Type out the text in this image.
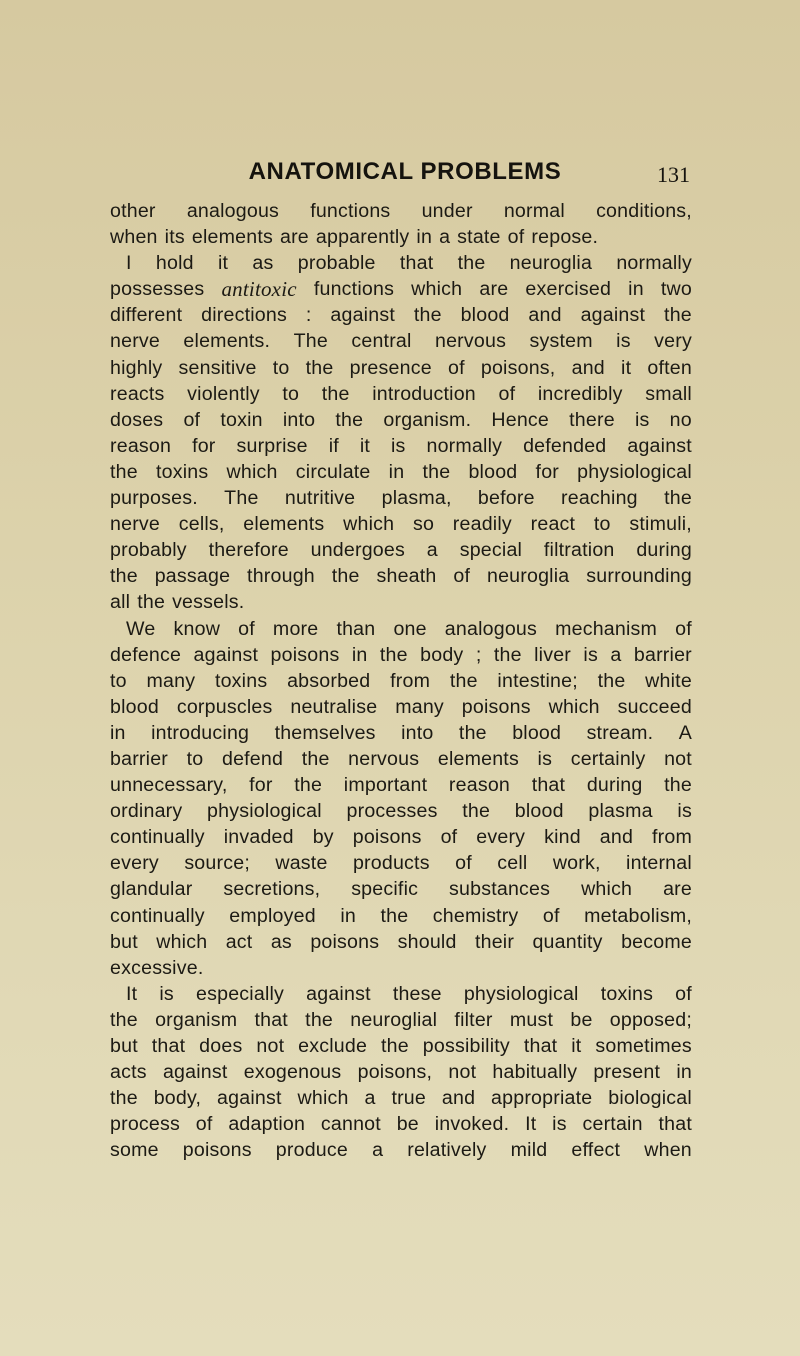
ANATOMICAL PROBLEMS	131
other analogous functions under normal conditions,
when its elements are apparently in a state of repose.
I hold it as probable that the neuroglia normally
possesses antitoxic functions which are exercised in two
different directions : against the blood and against the
nerve elements. The central nervous system is very
highly sensitive to the presence of poisons, and it often
reacts violently to the introduction of incredibly small
doses of toxin into the organism. Hence there is no
reason for surprise if it is normally defended against
the toxins which circulate in the blood for physiological
purposes. The nutritive plasma, before reaching the
nerve cells, elements which so readily react to stimuli,
probably therefore undergoes a special filtration during
the passage through the sheath of neuroglia surrounding
all the vessels.
We know of more than one analogous mechanism of
defence against poisons in the body ; the liver is a barrier
to many toxins absorbed from the intestine; the white
blood corpuscles neutralise many poisons which succeed
in introducing themselves into the blood stream. A
barrier to defend the nervous elements is certainly not
unnecessary, for the important reason that during the
ordinary physiological processes the blood plasma is
continually invaded by poisons of every kind and from
every source; waste products of cell work, internal
glandular secretions, specific substances which are
continually employed in the chemistry of metabolism,
but which act as poisons should their quantity become
excessive.
It is especially against these physiological toxins of
the organism that the neuroglial filter must be opposed;
but that does not exclude the possibility that it sometimes
acts against exogenous poisons, not habitually present in
the body, against which a true and appropriate biological
process of adaption cannot be invoked. It is certain that
some poisons produce a relatively mild effect when
